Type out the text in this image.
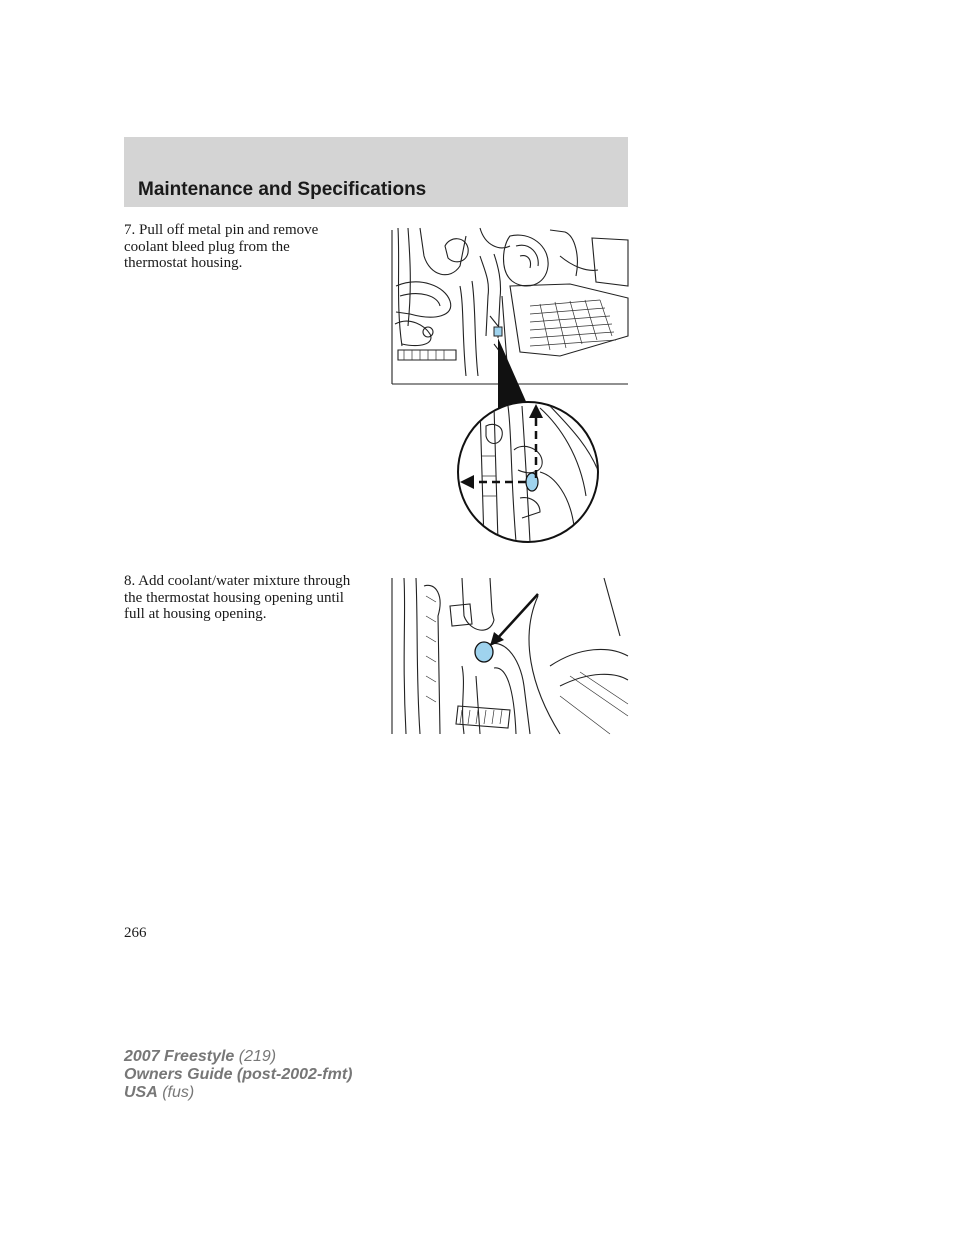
Maintenance and Specifications

7. Pull off metal pin and remove coolant bleed plug from the thermostat housing.

8. Add coolant/water mixture through the thermostat housing opening until full at housing opening.

266
2007 Freestyle (219)
Owners Guide (post-2002-fmt)
USA (fus)
